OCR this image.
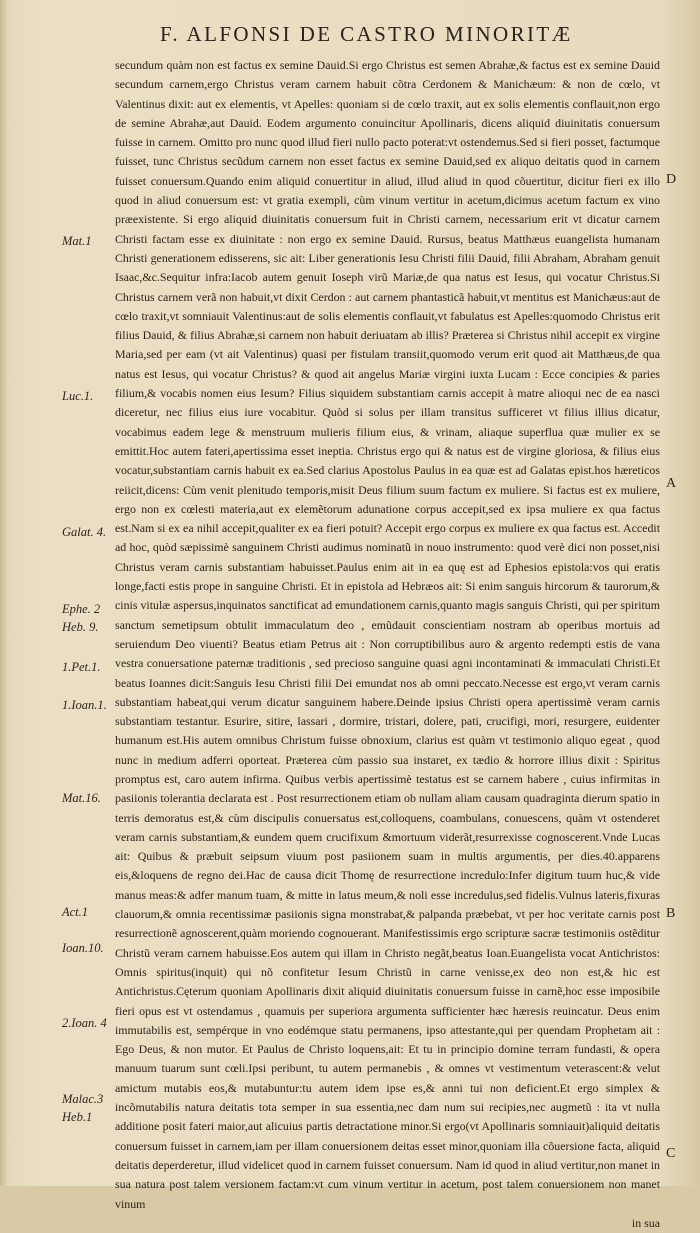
F. ALFONSI DE CASTRO MINORITÆ

secundum quàm non est factus ex semine Dauid.Si ergo Christus est semen Abrahæ,& factus est ex semine Dauid secundum carnem,ergo Christus veram carnem habuit cõtra Cerdonem & Manichæum: & non de cœlo, vt Valentinus dixit: aut ex elementis, vt Apelles: quoniam si de cœlo traxit, aut ex solis elementis conflauit,non ergo de semine Abrahæ,aut Dauid. Eodem argumento conuincitur Apollinaris, dicens aliquid diuinitatis conuersum fuisse in carnem. Omitto pro nunc quod illud fieri nullo pacto poterat:vt ostendemus.Sed si fieri posset, factumque fuisset, tunc Christus secũdum carnem non esset factus ex semine Dauid,sed ex aliquo deitatis quod in carnem fuisset conuersum.Quando enim aliquid conuertitur in aliud, illud aliud in quod cõuertitur, dicitur fieri ex illo quod in aliud conuersum est: vt gratia exempli, cùm vinum vertitur in acetum,dicimus acetum factum ex vino præexistente. Si ergo aliquid diuinitatis conuersum fuit in Christi carnem, necessarium erit vt dicatur carnem Christi factam esse ex diuinitate : non ergo ex semine Dauid. Rursus, beatus Matthæus euangelista humanam Christi generationem edisserens, sic ait: Liber generationis Iesu Christi filii Dauid, filii Abraham, Abraham genuit Isaac,&c.Sequitur infra:Iacob autem genuit Ioseph virũ Mariæ,de qua natus est Iesus, qui vocatur Christus.Si Christus carnem verã non habuit,vt dixit Cerdon : aut carnem phantasticã habuit,vt mentitus est Manichæus:aut de cœlo traxit,vt somniauit Valentinus:aut de solis elementis conflauit,vt fabulatus est Apelles:quomodo Christus erit filius Dauid, & filius Abrahæ,si carnem non habuit deriuatam ab illis? Præterea si Christus nihil accepit ex virgine Maria,sed per eam (vt ait Valentinus) quasi per fistulam transiit,quomodo verum erit quod ait Matthæus,de qua natus est Iesus, qui vocatur Christus? & quod ait angelus Mariæ virgini iuxta Lucam : Ecce concipies & paries filium,& vocabis nomen eius Iesum? Filius siquidem substantiam carnis accepit à matre alioqui nec de ea nasci diceretur, nec filius eius iure vocabitur. Quòd si solus per illam transitus sufficeret vt filius illius dicatur, vocabimus eadem lege & menstruum mulieris filium eius, & vrinam, aliaque superflua quæ mulier ex se emittit.Hoc autem fateri,apertissima esset ineptia. Christus ergo qui & natus est de virgine gloriosa, & filius eius vocatur,substantiam carnis habuit ex ea.Sed clarius Apostolus Paulus in ea quæ est ad Galatas epist.hos hæreticos reiicit,dicens: Cùm venit plenitudo temporis,misit Deus filium suum factum ex muliere. Si factus est ex muliere, ergo non ex cœlesti materia,aut ex elemẽtorum adunatione corpus accepit,sed ex ipsa muliere ex qua factus est.Nam si ex ea nihil accepit,qualiter ex ea fieri potuit? Accepit ergo corpus ex muliere ex qua factus est. Accedit ad hoc, quòd sæpissimè sanguinem Christi audimus nominatũ in nouo instrumento: quod verè dici non posset,nisi Christus veram carnis substantiam habuisset.Paulus enim ait in ea quę est ad Ephesios epistola:vos qui eratis longe,facti estis prope in sanguine Christi. Et in epistola ad Hebræos ait: Si enim sanguis hircorum & taurorum,& cinis vitulæ aspersus,inquinatos sanctificat ad emundationem carnis,quanto magis sanguis Christi, qui per spiritum sanctum semetipsum obtulit immaculatum deo , emũdauit conscientiam nostram ab operibus mortuis ad seruiendum Deo viuenti? Beatus etiam Petrus ait : Non corruptibilibus auro & argento redempti estis de vana vestra conuersatione paternæ traditionis , sed precioso sanguine quasi agni incontaminati & immaculati Christi.Et beatus Ioannes dicit:Sanguis Iesu Christi filii Dei emundat nos ab omni peccato.Necesse est ergo,vt veram carnis substantiam habeat,qui verum dicatur sanguinem habere.Deinde ipsius Christi opera apertissimè veram carnis substantiam testantur. Esurire, sitire, lassari , dormire, tristari, dolere, pati, crucifigi, mori, resurgere, euidenter humanum est.His autem omnibus Christum fuisse obnoxium, clarius est quàm vt testimonio aliquo egeat , quod nunc in medium adferri oporteat. Præterea cùm passio sua instaret, ex tædio & horrore illius dixit : Spiritus promptus est, caro autem infirma. Quibus verbis apertissimè testatus est se carnem habere , cuius infirmitas in pasiionis tolerantia declarata est . Post resurrectionem etiam ob nullam aliam causam quadraginta dierum spatio in terris demoratus est,& cùm discipulis conuersatus est,colloquens, coambulans, conuescens, quàm vt ostenderet veram carnis substantiam,& eundem quem crucifixum &mortuum viderãt,resurrexisse cognoscerent.Vnde Lucas ait: Quibus & præbuit seipsum viuum post pasiionem suam in multis argumentis, per dies.40.apparens eis,&loquens de regno dei.Hac de causa dicit Thomę de resurrectione incredulo:Infer digitum tuum huc,& vide manus meas:& adfer manum tuam, & mitte in latus meum,& noli esse incredulus,sed fidelis.Vulnus lateris,fixuras clauorum,& omnia recentissimæ pasiionis signa monstrabat,& palpanda præbebat, vt per hoc veritate carnis post resurrectionẽ agnoscerent,quàm moriendo cognouerant. Manifestissimis ergo scripturæ sacræ testimoniis ostẽditur Christũ veram carnem habuisse.Eos autem qui illam in Christo negãt,beatus Ioan.Euangelista vocat Antichristos: Omnis spiritus(inquit) qui nõ confitetur Iesum Christũ in carne venisse,ex deo non est,& hic est Antichristus.Cęterum quoniam Apollinaris dixit aliquid diuinitatis conuersum fuisse in carnẽ,hoc esse imposibile fieri opus est vt ostendamus , quamuis per superiora argumenta sufficienter hæc hæresis reuincatur. Deus enim immutabilis est, sempérque in vno eodémque statu permanens, ipso attestante,qui per quendam Prophetam ait : Ego Deus, & non mutor. Et Paulus de Christo loquens,ait: Et tu in principio domine terram fundasti, & opera manuum tuarum sunt cœli.Ipsi peribunt, tu autem permanebis , & omnes vt vestimentum veterascent:& velut amictum mutabis eos,& mutabuntur:tu autem idem ipse es,& anni tui non deficient.Et ergo simplex & incõmutabilis natura deitatis tota semper in sua essentia,nec dam num sui recipies,nec augmetũ : ita vt nulla additione posit fateri maior,aut alicuius partis detractatione minor.Si ergo(vt Apollinaris somniauit)aliquid deitatis conuersum fuisset in carnem,iam per illam conuersionem deitas esset minor,quoniam illa cõuersione facta, aliquid deitatis deperderetur, illud videlicet quod in carnem fuisset conuersum. Nam id quod in aliud vertitur,non manet in sua natura post talem versionem factam:vt cum vinum vertitur in acetum, post talem conuersionem non manet vinum

in sua
Mat.1
Luc.1.
Galat. 4.
Ephe. 2
Heb. 9.
1.Pet.1.
1.Ioan.1.
Mat.16.
Act.1
Ioan.10.
2.Ioan. 4
Malac.3
Heb.1
D
A
B
C
